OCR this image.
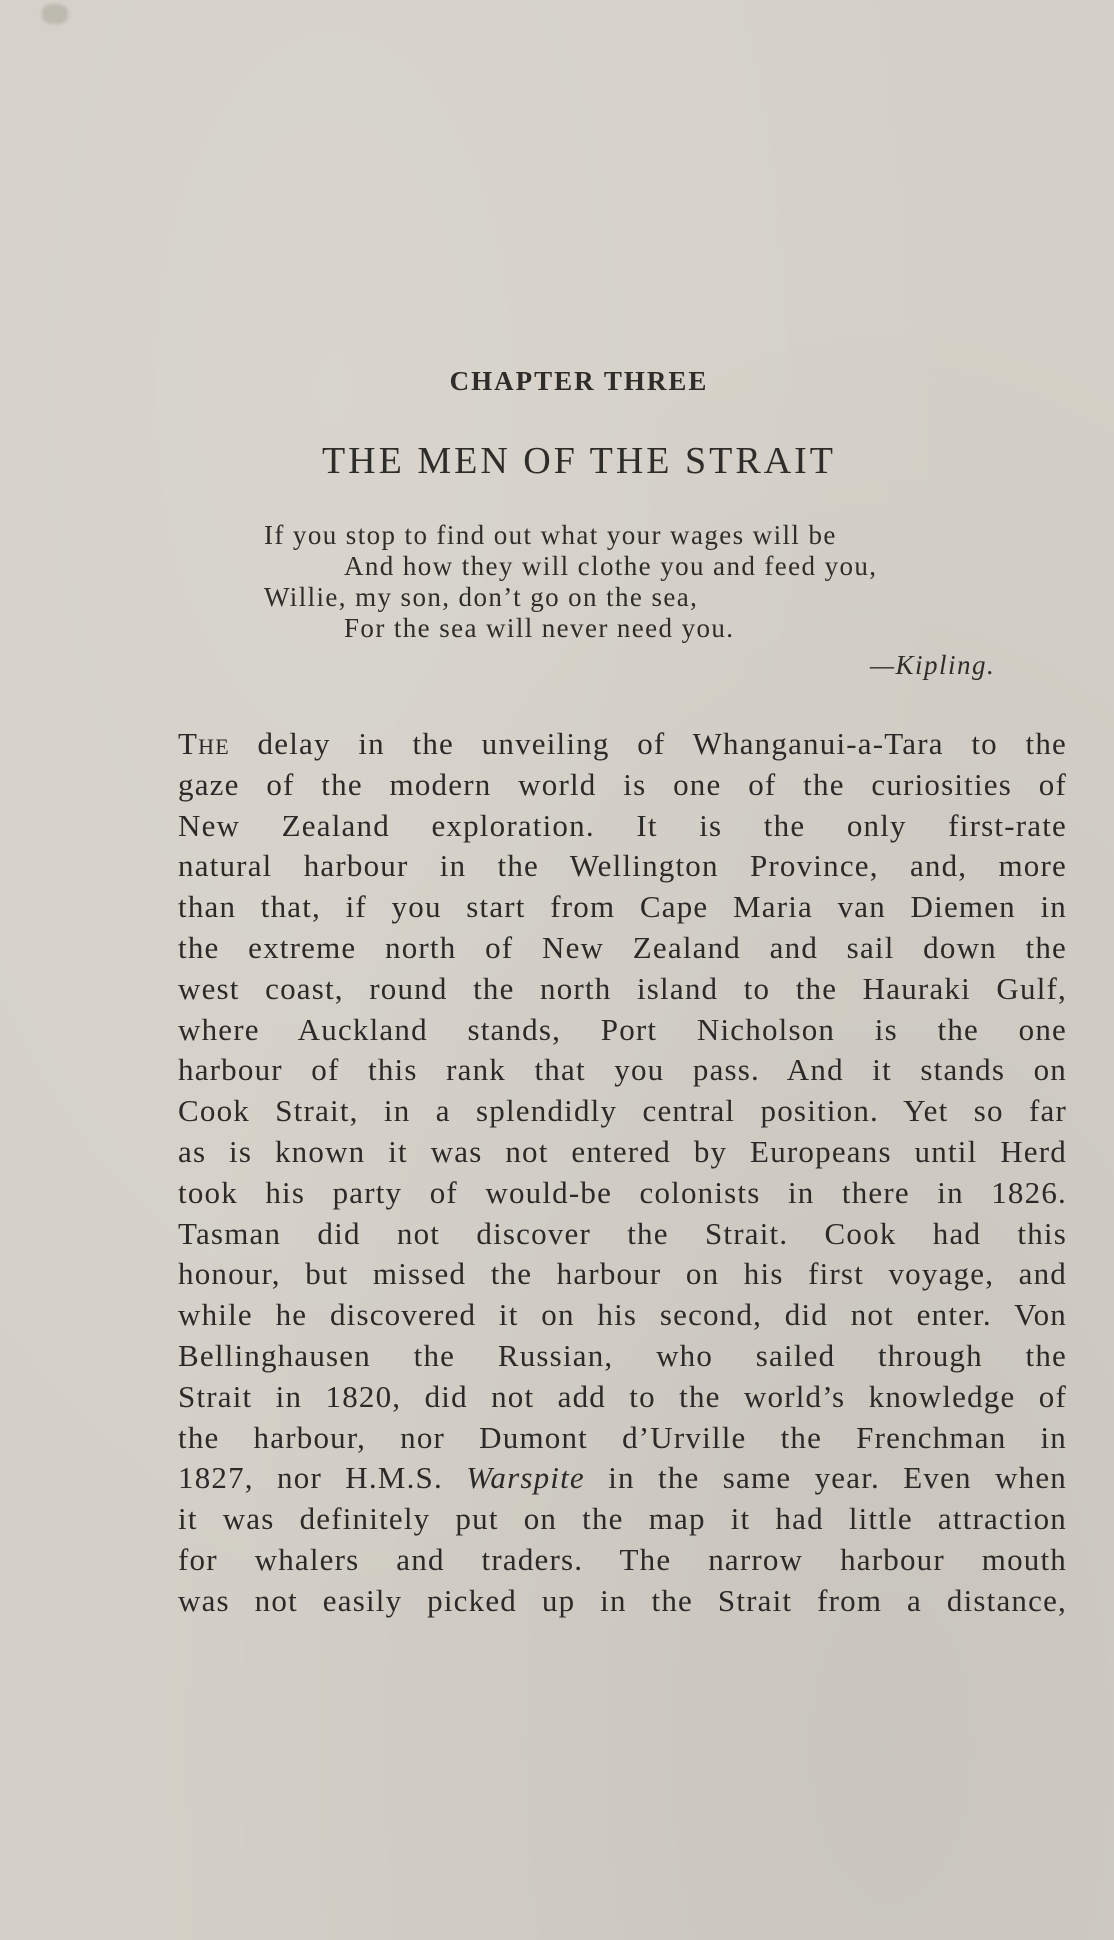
CHAPTER THREE
THE MEN OF THE STRAIT
If you stop to find out what your wages will be
And how they will clothe you and feed you,
Willie, my son, don’t go on the sea,
For the sea will never need you.
—Kipling.
The delay in the unveiling of Whanganui-a-Tara to the
gaze of the modern world is one of the curiosities of
New Zealand exploration. It is the only first-rate
natural harbour in the Wellington Province, and, more
than that, if you start from Cape Maria van Diemen in
the extreme north of New Zealand and sail down the
west coast, round the north island to the Hauraki Gulf,
where Auckland stands, Port Nicholson is the one
harbour of this rank that you pass. And it stands on
Cook Strait, in a splendidly central position. Yet so far
as is known it was not entered by Europeans until Herd
took his party of would-be colonists in there in 1826.
Tasman did not discover the Strait. Cook had this
honour, but missed the harbour on his first voyage, and
while he discovered it on his second, did not enter. Von
Bellinghausen the Russian, who sailed through the
Strait in 1820, did not add to the world’s knowledge of
the harbour, nor Dumont d’Urville the Frenchman in
1827, nor H.M.S. Warspite in the same year. Even when
it was definitely put on the map it had little attraction
for whalers and traders. The narrow harbour mouth
was not easily picked up in the Strait from a distance,
